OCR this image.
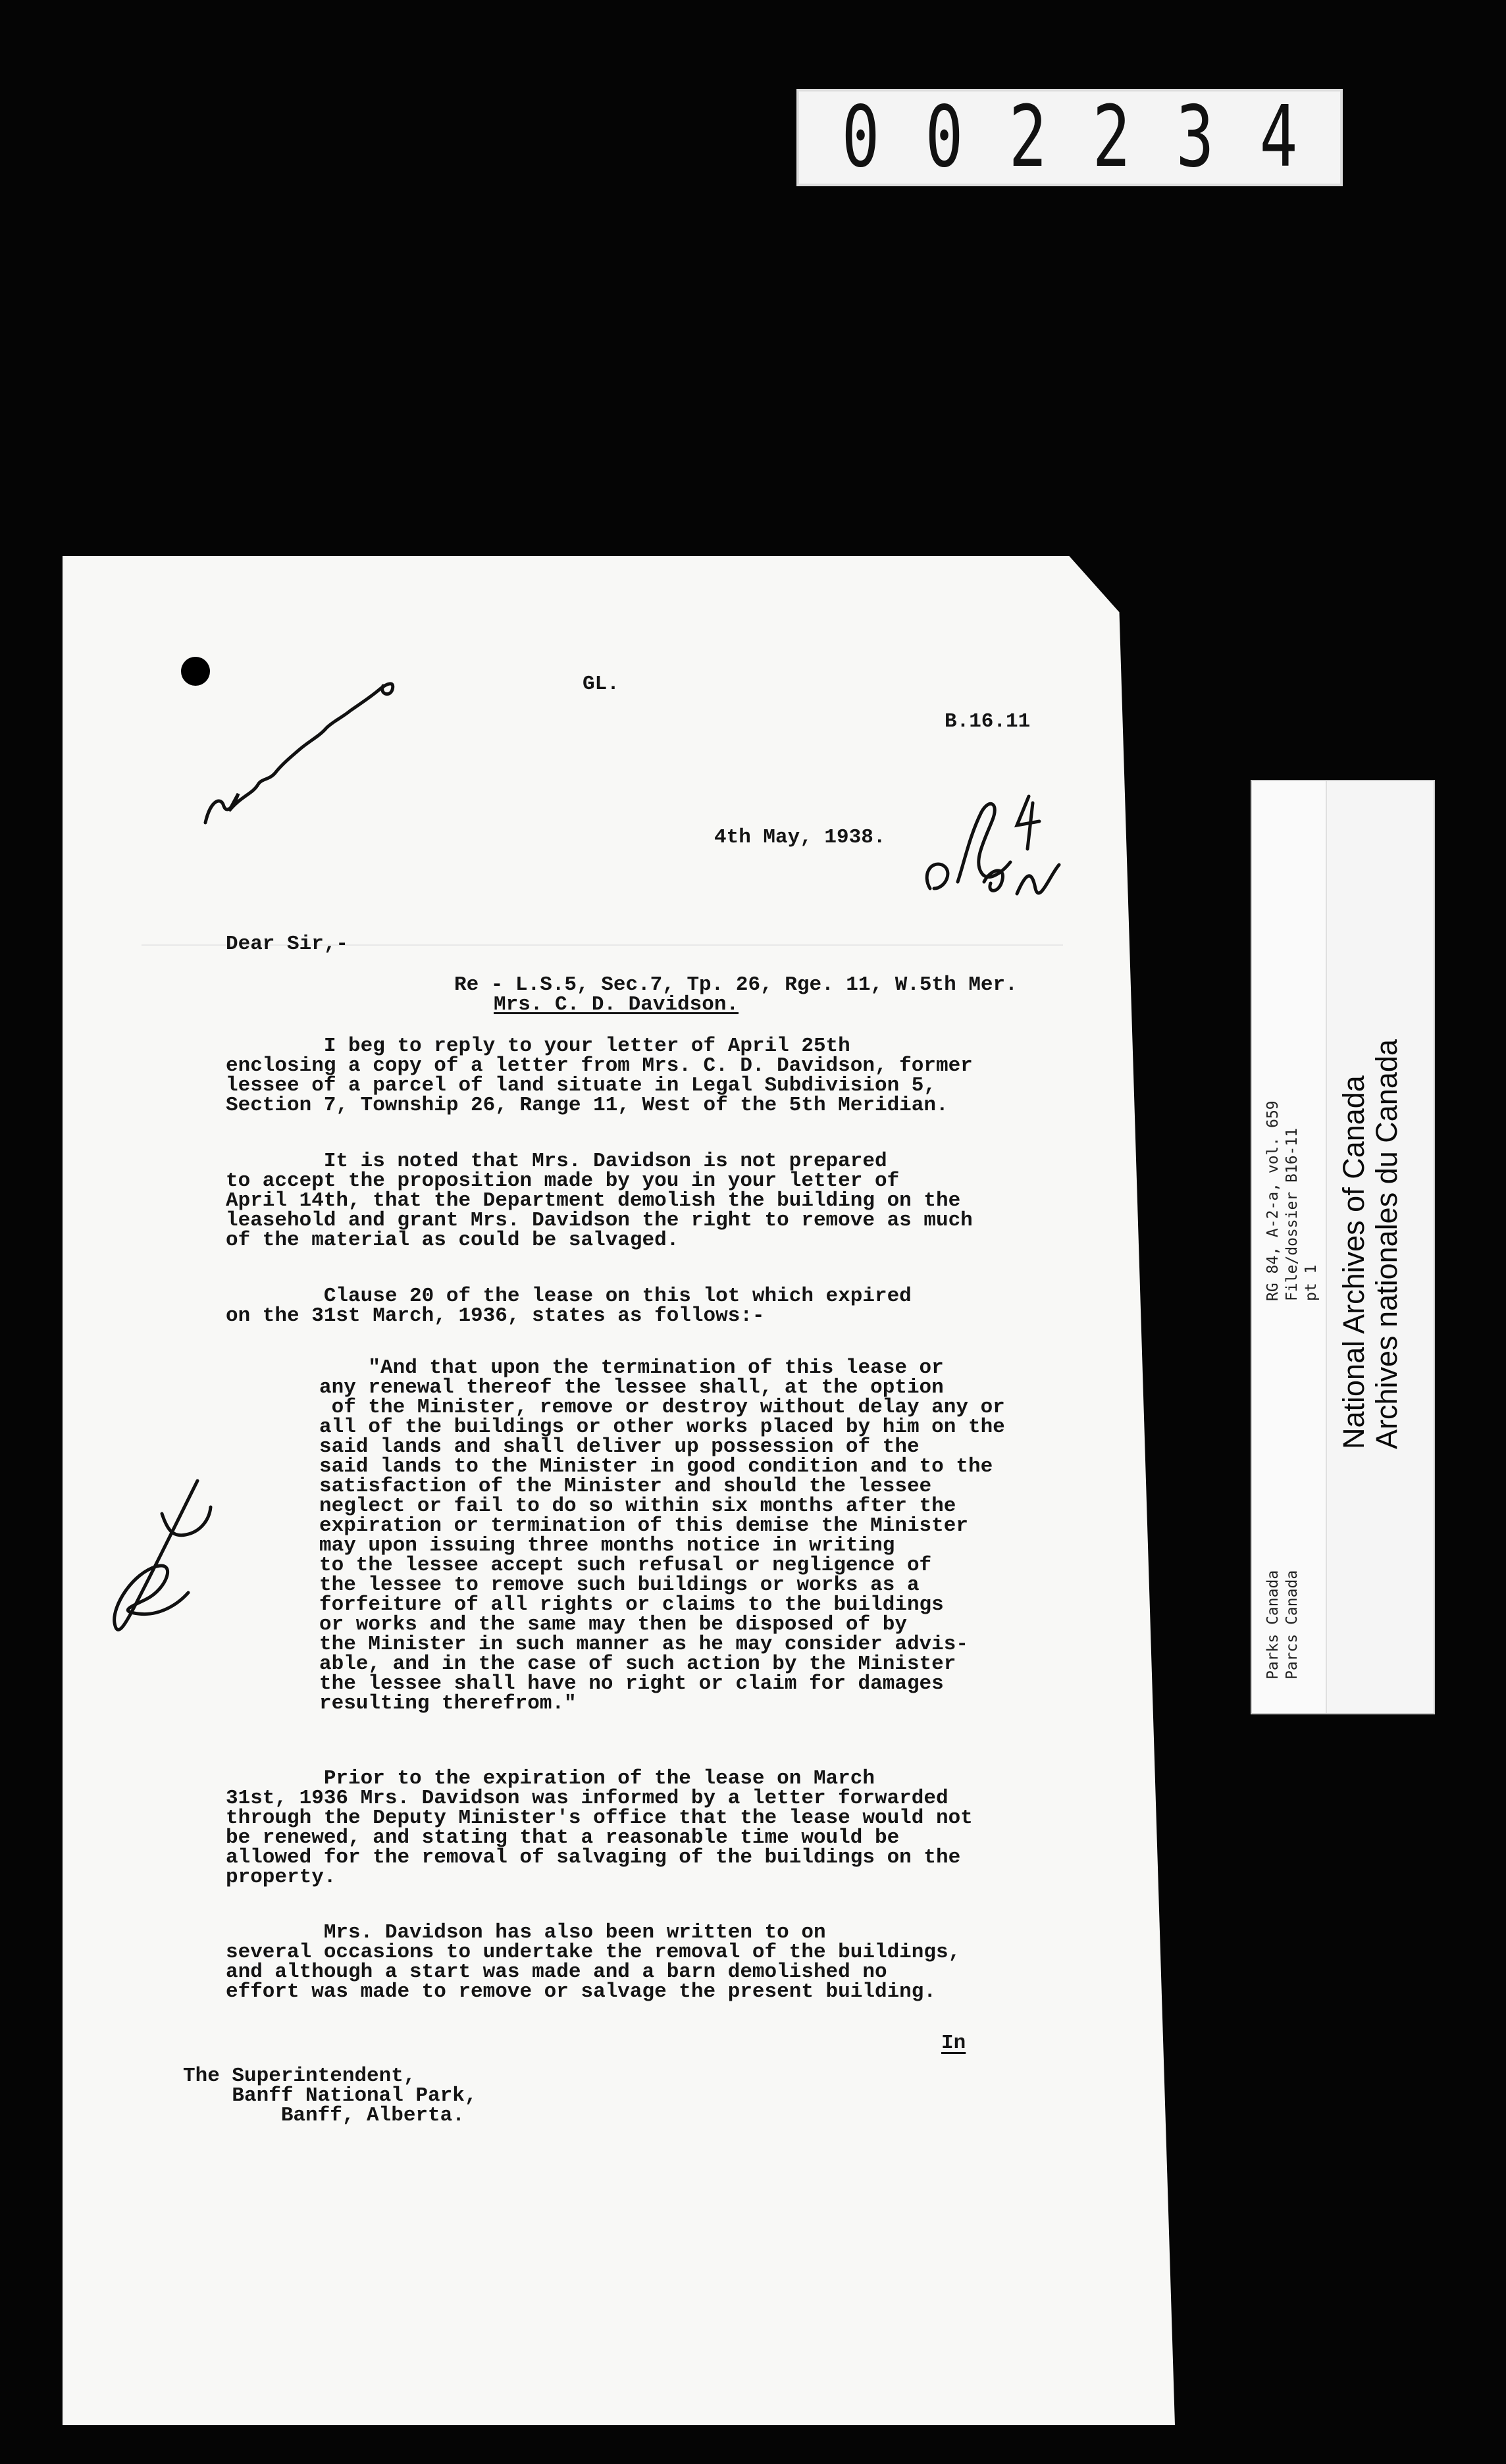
0 0 2 2 3 4
RG 84, A-2-a, vol. 659 File/dossier B16-11 pt 1
Parks Canada Parcs Canada
National Archives of Canada Archives nationales du Canada
GL.
B.16.11
4th May, 1938.
Dear Sir,-
Re - L.S.5, Sec.7, Tp. 26, Rge. 11, W.5th Mer.
Mrs. C. D. Davidson.
I beg to reply to your letter of April 25th
enclosing a copy of a letter from Mrs. C. D. Davidson, former
lessee of a parcel of land situate in Legal Subdivision 5,
Section 7, Township 26, Range 11, West of the 5th Meridian.
It is noted that Mrs. Davidson is not prepared
to accept the proposition made by you in your letter of
April 14th, that the Department demolish the building on the
leasehold and grant Mrs. Davidson the right to remove as much
of the material as could be salvaged.
Clause 20 of the lease on this lot which expired
on the 31st March, 1936, states as follows:-
"And that upon the termination of this lease or
any renewal thereof the lessee shall, at the option
of the Minister, remove or destroy without delay any or
all of the buildings or other works placed by him on the
said lands and shall deliver up possession of the
said lands to the Minister in good condition and to the
satisfaction of the Minister and should the lessee
neglect or fail to do so within six months after the
expiration or termination of this demise the Minister
may upon issuing three months notice in writing
to the lessee accept such refusal or negligence of
the lessee to remove such buildings or works as a
forfeiture of all rights or claims to the buildings
or works and the same may then be disposed of by
the Minister in such manner as he may consider advis-
able, and in the case of such action by the Minister
the lessee shall have no right or claim for damages
resulting therefrom."
Prior to the expiration of the lease on March
31st, 1936 Mrs. Davidson was informed by a letter forwarded
through the Deputy Minister's office that the lease would not
be renewed, and stating that a reasonable time would be
allowed for the removal of salvaging of the buildings on the
property.
Mrs. Davidson has also been written to on
several occasions to undertake the removal of the buildings,
and although a start was made and a barn demolished no
effort was made to remove or salvage the present building.
In
The Superintendent,
Banff National Park,
Banff, Alberta.
